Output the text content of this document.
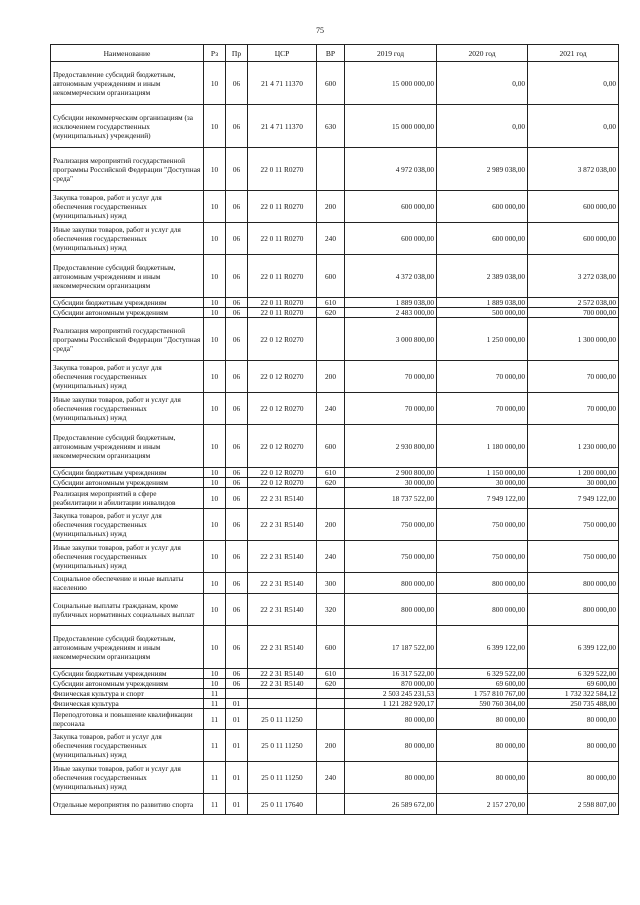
75
Наименование	Рз	Пр	ЦСР	ВР	2019 год	2020 год	2021 год
Предоставление субсидий бюджетным, автономным учреждениям и иным некоммерческим организациям	10	06	21 4 71 11370	600	15 000 000,00	0,00	0,00
Субсидии некоммерческим организациям (за исключением государственных (муниципальных) учреждений)	10	06	21 4 71 11370	630	15 000 000,00	0,00	0,00
Реализация мероприятий государственной программы Российской Федерации "Доступная среда"	10	06	22 0 11 R0270		4 972 038,00	2 989 038,00	3 872 038,00
Закупка товаров, работ и услуг для обеспечения государственных (муниципальных) нужд	10	06	22 0 11 R0270	200	600 000,00	600 000,00	600 000,00
Иные закупки товаров, работ и услуг для обеспечения государственных (муниципальных) нужд	10	06	22 0 11 R0270	240	600 000,00	600 000,00	600 000,00
Предоставление субсидий бюджетным, автономным учреждениям и иным некоммерческим организациям	10	06	22 0 11 R0270	600	4 372 038,00	2 389 038,00	3 272 038,00
Субсидии бюджетным учреждениям	10	06	22 0 11 R0270	610	1 889 038,00	1 889 038,00	2 572 038,00
Субсидии автономным учреждениям	10	06	22 0 11 R0270	620	2 483 000,00	500 000,00	700 000,00
Реализация мероприятий государственной программы Российской Федерации "Доступная среда"	10	06	22 0 12 R0270		3 000 800,00	1 250 000,00	1 300 000,00
Закупка товаров, работ и услуг для обеспечения государственных (муниципальных) нужд	10	06	22 0 12 R0270	200	70 000,00	70 000,00	70 000,00
Иные закупки товаров, работ и услуг для обеспечения государственных (муниципальных) нужд	10	06	22 0 12 R0270	240	70 000,00	70 000,00	70 000,00
Предоставление субсидий бюджетным, автономным учреждениям и иным некоммерческим организациям	10	06	22 0 12 R0270	600	2 930 800,00	1 180 000,00	1 230 000,00
Субсидии бюджетным учреждениям	10	06	22 0 12 R0270	610	2 900 800,00	1 150 000,00	1 200 000,00
Субсидии автономным учреждениям	10	06	22 0 12 R0270	620	30 000,00	30 000,00	30 000,00
Реализация мероприятий в сфере реабилитации и абилитации инвалидов	10	06	22 2 31 R5140		18 737 522,00	7 949 122,00	7 949 122,00
Закупка товаров, работ и услуг для обеспечения государственных (муниципальных) нужд	10	06	22 2 31 R5140	200	750 000,00	750 000,00	750 000,00
Иные закупки товаров, работ и услуг для обеспечения государственных (муниципальных) нужд	10	06	22 2 31 R5140	240	750 000,00	750 000,00	750 000,00
Социальное обеспечение и иные выплаты населению	10	06	22 2 31 R5140	300	800 000,00	800 000,00	800 000,00
Социальные выплаты гражданам, кроме публичных нормативных социальных выплат	10	06	22 2 31 R5140	320	800 000,00	800 000,00	800 000,00
Предоставление субсидий бюджетным, автономным учреждениям и иным некоммерческим организациям	10	06	22 2 31 R5140	600	17 187 522,00	6 399 122,00	6 399 122,00
Субсидии бюджетным учреждениям	10	06	22 2 31 R5140	610	16 317 522,00	6 329 522,00	6 329 522,00
Субсидии автономным учреждениям	10	06	22 2 31 R5140	620	870 000,00	69 600,00	69 600,00
Физическая культура и спорт	11				2 503 245 231,53	1 757 810 767,00	1 732 322 584,12
Физическая культура	11	01			1 121 282 920,17	590 760 304,00	250 735 488,00
Переподготовка и повышение квалификации персонала	11	01	25 0 11 11250		80 000,00	80 000,00	80 000,00
Закупка товаров, работ и услуг для обеспечения государственных (муниципальных) нужд	11	01	25 0 11 11250	200	80 000,00	80 000,00	80 000,00
Иные закупки товаров, работ и услуг для обеспечения государственных (муниципальных) нужд	11	01	25 0 11 11250	240	80 000,00	80 000,00	80 000,00
Отдельные мероприятия по развитию спорта	11	01	25 0 11 17640		26 589 672,00	2 157 270,00	2 598 807,00
